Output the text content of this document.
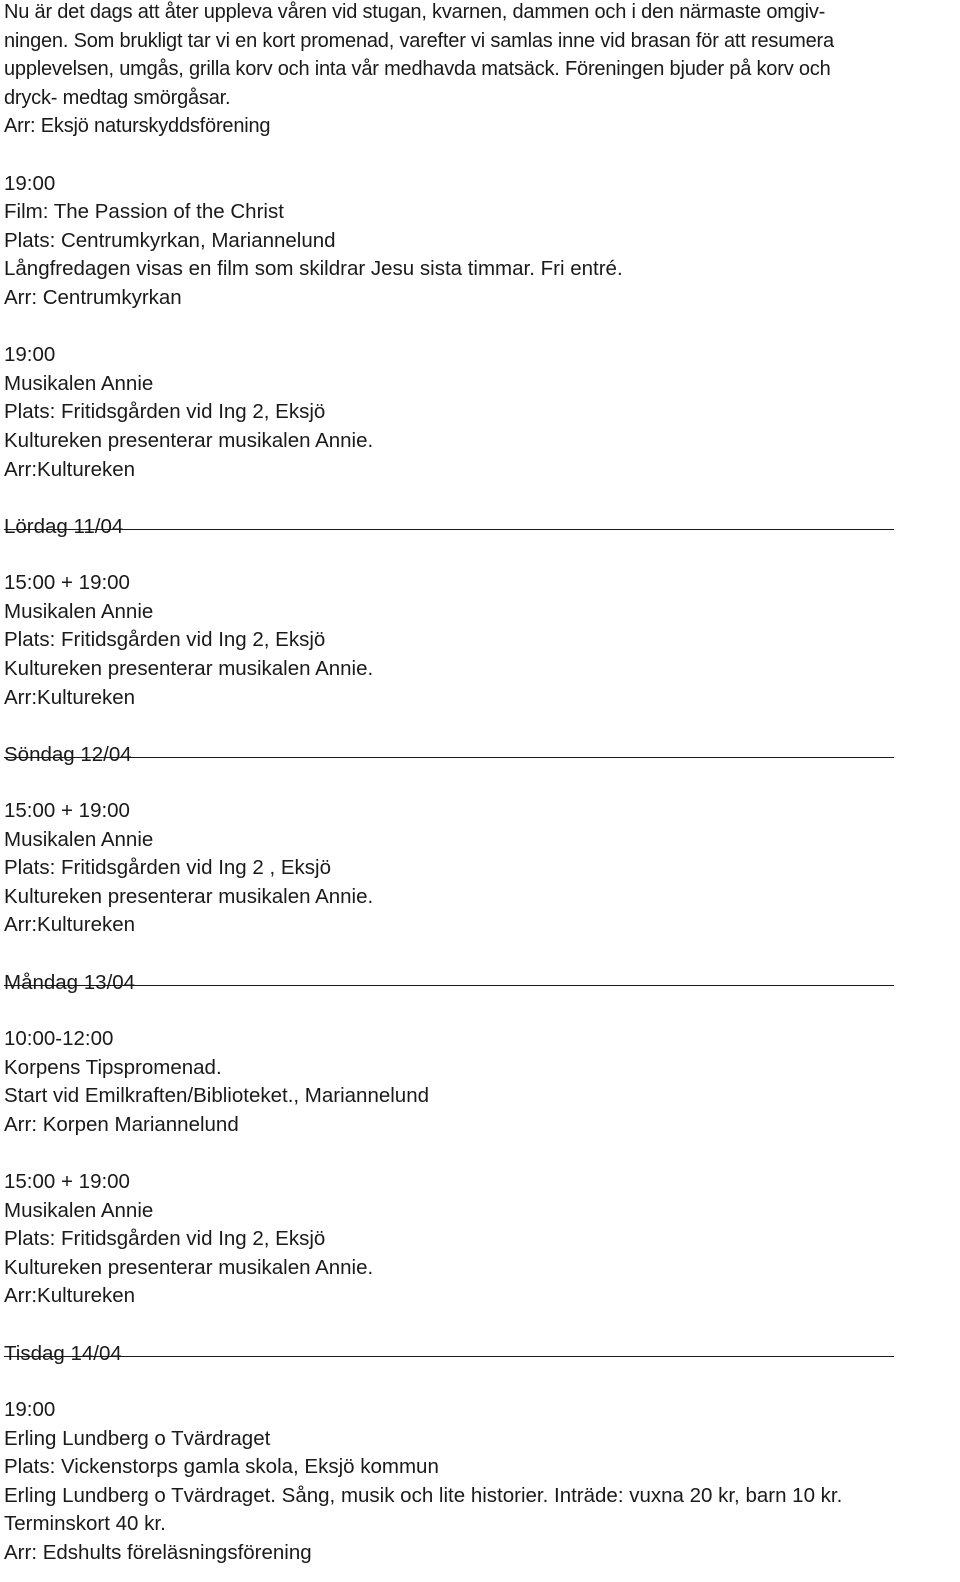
Nu är det dags att åter uppleva våren vid stugan, kvarnen, dammen och i den närmaste omgiv-
ningen. Som brukligt tar vi en kort promenad, varefter vi samlas inne vid brasan för att resumera
upplevelsen, umgås, grilla korv och inta vår medhavda matsäck. Föreningen bjuder på korv och
dryck- medtag smörgåsar.
Arr: Eksjö naturskyddsförening
19:00
Film: The Passion of the Christ
Plats: Centrumkyrkan, Mariannelund
Långfredagen visas en film som skildrar Jesu sista timmar. Fri entré.
Arr: Centrumkyrkan
19:00
Musikalen Annie
Plats: Fritidsgården vid Ing 2, Eksjö
Kultureken presenterar musikalen Annie.
Arr:Kultureken
Lördag 11/04
15:00 + 19:00
Musikalen Annie
Plats: Fritidsgården vid Ing 2, Eksjö
Kultureken presenterar musikalen Annie.
Arr:Kultureken
Söndag 12/04
15:00 + 19:00
Musikalen Annie
Plats: Fritidsgården vid Ing 2 , Eksjö
Kultureken presenterar musikalen Annie.
Arr:Kultureken
Måndag 13/04
10:00-12:00
Korpens Tipspromenad.
Start vid Emilkraften/Biblioteket., Mariannelund
Arr: Korpen Mariannelund
15:00 + 19:00
Musikalen Annie
Plats: Fritidsgården vid Ing 2, Eksjö
Kultureken presenterar musikalen Annie.
Arr:Kultureken
Tisdag 14/04
19:00
Erling Lundberg o Tvärdraget
Plats: Vickenstorps gamla skola, Eksjö kommun
Erling Lundberg o Tvärdraget. Sång, musik och lite historier. Inträde: vuxna 20 kr, barn 10 kr.
Terminskort 40 kr.
Arr: Edshults föreläsningsförening
